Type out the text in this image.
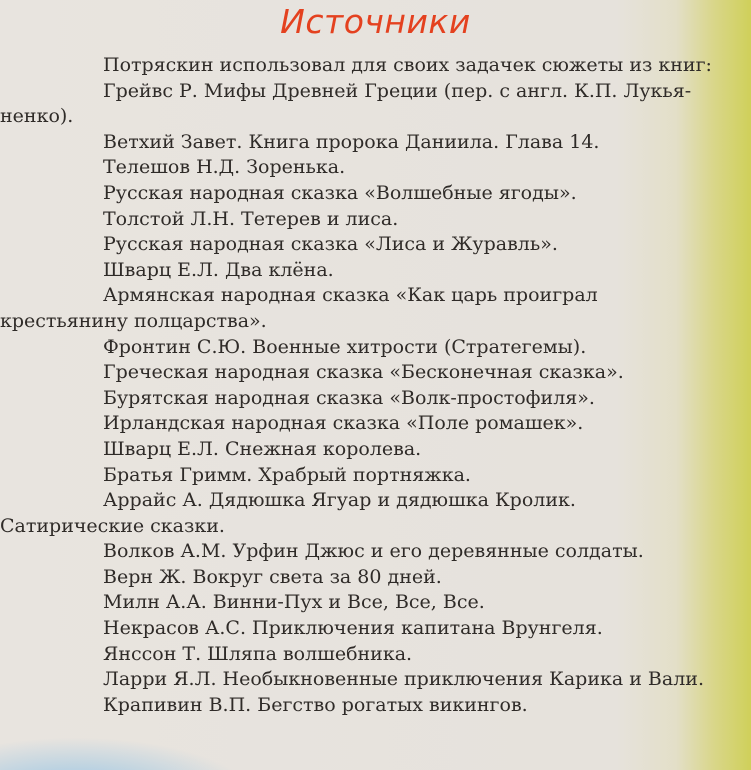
Источники
Потряскин использовал для своих задачек сюжеты из книг:
Грейвс Р. Мифы Древней Греции (пер. с англ. К.П. Лукья-ненко).
Ветхий Завет. Книга пророка Даниила. Глава 14.
Телешов Н.Д. Зоренька.
Русская народная сказка «Волшебные ягоды».
Толстой Л.Н. Тетерев и лиса.
Русская народная сказка «Лиса и Журавль».
Шварц Е.Л. Два клёна.
Армянская народная сказка «Как царь проиграл крестьянину полцарства».
Фронтин С.Ю. Военные хитрости (Стратегемы).
Греческая народная сказка «Бесконечная сказка».
Бурятская народная сказка «Волк-простофиля».
Ирландская народная сказка «Поле ромашек».
Шварц Е.Л. Снежная королева.
Братья Гримм. Храбрый портняжка.
Аррайс А. Дядюшка Ягуар и дядюшка Кролик. Сатирические сказки.
Волков А.М. Урфин Джюс и его деревянные солдаты.
Верн Ж. Вокруг света за 80 дней.
Милн А.А. Винни-Пух и Все, Все, Все.
Некрасов А.С. Приключения капитана Врунгеля.
Янссон Т. Шляпа волшебника.
Ларри Я.Л. Необыкновенные приключения Карика и Вали.
Крапивин В.П. Бегство рогатых викингов.
